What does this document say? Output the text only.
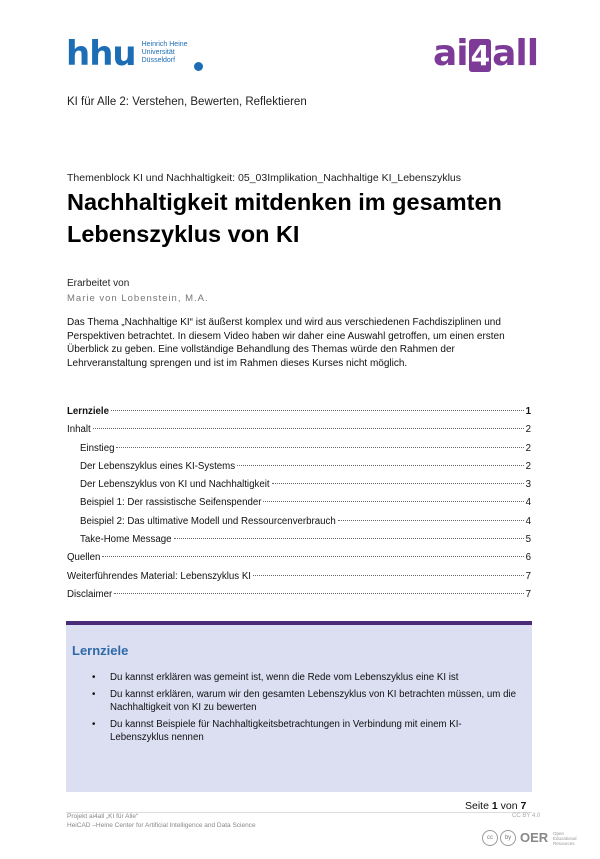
hhu Heinrich Heine
Universität
Düsseldorf	ai 4all
KI für Alle 2: Verstehen, Bewerten, Reflektieren
Themenblock KI und Nachhaltigkeit: 05_03Implikation_Nachhaltige KI_Lebenszyklus
Nachhaltigkeit mitdenken im gesamten Lebenszyklus von KI
Erarbeitet von
Marie von Lobenstein, M.A.
Das Thema „Nachhaltige KI“ ist äußerst komplex und wird aus verschiedenen Fachdisziplinen und Perspektiven betrachtet. In diesem Video haben wir daher eine Auswahl getroffen, um einen ersten Überblick zu geben. Eine vollständige Behandlung des Themas würde den Rahmen der Lehrveranstaltung sprengen und ist im Rahmen dieses Kurses nicht möglich.
Lernziele	1
Inhalt	2
Einstieg	2
Der Lebenszyklus eines KI-Systems	2
Der Lebenszyklus von KI und Nachhaltigkeit	3
Beispiel 1: Der rassistische Seifenspender	4
Beispiel 2: Das ultimative Modell und Ressourcenverbrauch	4
Take-Home Message	5
Quellen	6
Weiterführendes Material: Lebenszyklus KI	7
Disclaimer	7
Lernziele
• Du kannst erklären was gemeint ist, wenn die Rede vom Lebenszyklus eine KI ist
• Du kannst erklären, warum wir den gesamten Lebenszyklus von KI betrachten müssen, um die Nachhaltigkeit von KI zu bewerten
• Du kannst Beispiele für Nachhaltigkeitsbetrachtungen in Verbindung mit einem KI-Lebenszyklus nennen
Seite 1 von 7
Projekt ai4all „KI für Alle“
HeiCAD –Heine Center for Artificial Intelligence and Data Science
CC BY 4.0
cc	by OER Open Educational Resources
